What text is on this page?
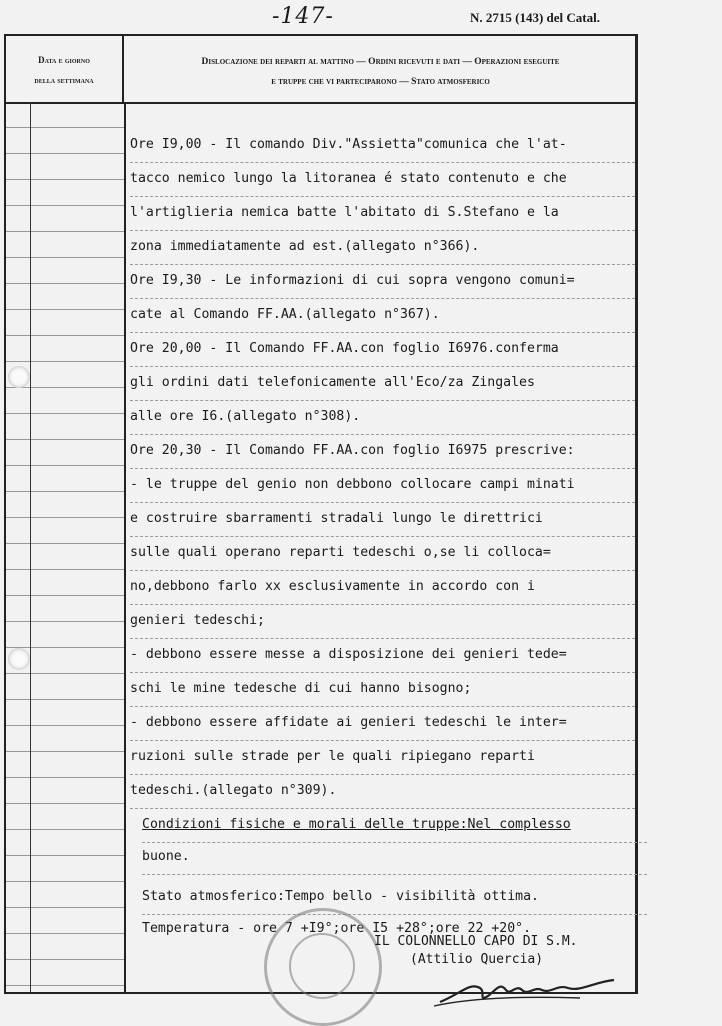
-147-	N. 2715 (143) del Catal.
Data e giorno
della settimana
Dislocazione dei reparti al mattino — Ordini ricevuti e dati — Operazioni eseguite
e truppe che vi parteciparono — Stato atmosferico
Ore I9,00 - Il comando Div."Assietta"comunica che l'at-
tacco nemico lungo la litoranea é stato contenuto e che
l'artiglieria nemica batte l'abitato di S.Stefano e la
zona immediatamente ad est.(allegato n°366).
Ore I9,30 - Le informazioni di cui sopra vengono comuni=
cate al Comando FF.AA.(allegato n°367).
Ore 20,00 - Il Comando FF.AA.con foglio I6976.conferma
gli ordini dati telefonicamente all'Eco/za Zingales
alle ore I6.(allegato n°308).
Ore 20,30 - Il Comando FF.AA.con foglio I6975 prescrive:
- le truppe del genio non debbono collocare campi minati
e costruire sbarramenti stradali lungo le direttrici
sulle quali operano reparti tedeschi o,se li colloca=
no,debbono farlo xx esclusivamente in accordo con i
genieri tedeschi;
- debbono essere messe a disposizione dei genieri tede=
schi le mine tedesche di cui hanno bisogno;
- debbono essere affidate ai genieri tedeschi le inter=
ruzioni sulle strade per le quali ripiegano reparti
tedeschi.(allegato n°309).
Condizioni fisiche e morali delle truppe:Nel complesso
buone.
Stato atmosferico:Tempo bello - visibilità ottima.
Temperatura - ore 7 +I9°;ore I5 +28°;ore 22 +20°.
IL COLONNELLO CAPO DI S.M.
(Attilio Quercia)
